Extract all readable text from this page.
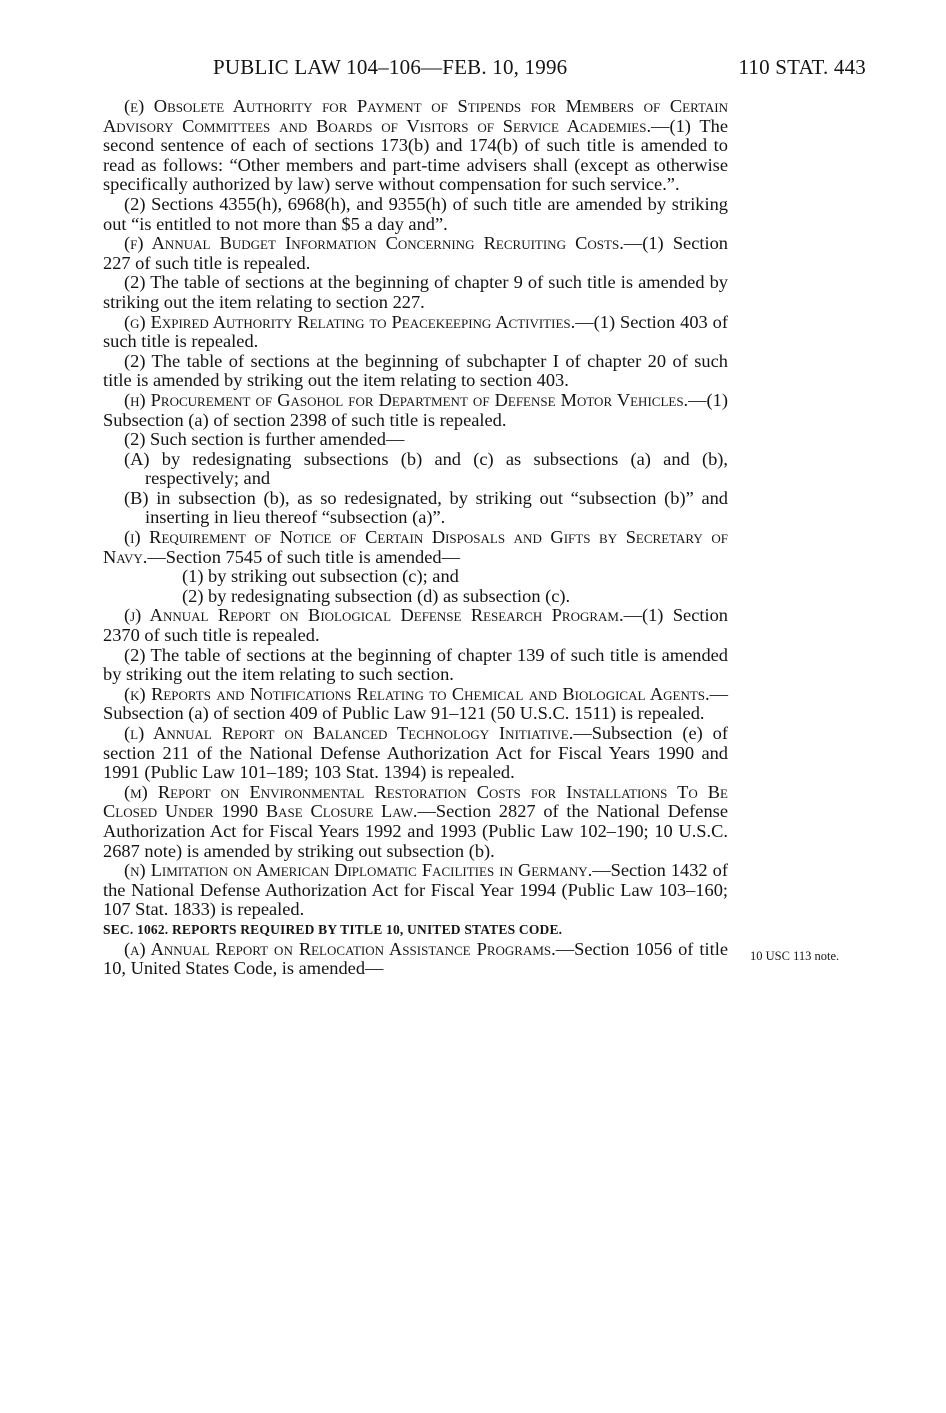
PUBLIC LAW 104–106—FEB. 10, 1996	110 STAT. 443

(e) Obsolete Authority for Payment of Stipends for Members of Certain Advisory Committees and Boards of Visitors of Service Academies.—(1) The second sentence of each of sections 173(b) and 174(b) of such title is amended to read as follows: “Other members and part-time advisers shall (except as otherwise specifically authorized by law) serve without compensation for such service.”.

(2) Sections 4355(h), 6968(h), and 9355(h) of such title are amended by striking out “is entitled to not more than $5 a day and”.

(f) Annual Budget Information Concerning Recruiting Costs.—(1) Section 227 of such title is repealed.

(2) The table of sections at the beginning of chapter 9 of such title is amended by striking out the item relating to section 227.

(g) Expired Authority Relating to Peacekeeping Activities.—(1) Section 403 of such title is repealed.

(2) The table of sections at the beginning of subchapter I of chapter 20 of such title is amended by striking out the item relating to section 403.

(h) Procurement of Gasohol for Department of Defense Motor Vehicles.—(1) Subsection (a) of section 2398 of such title is repealed.

(2) Such section is further amended—

(A) by redesignating subsections (b) and (c) as subsections (a) and (b), respectively; and

(B) in subsection (b), as so redesignated, by striking out “subsection (b)” and inserting in lieu thereof “subsection (a)”.

(i) Requirement of Notice of Certain Disposals and Gifts by Secretary of Navy.—Section 7545 of such title is amended—

(1) by striking out subsection (c); and

(2) by redesignating subsection (d) as subsection (c).

(j) Annual Report on Biological Defense Research Program.—(1) Section 2370 of such title is repealed.

(2) The table of sections at the beginning of chapter 139 of such title is amended by striking out the item relating to such section.

(k) Reports and Notifications Relating to Chemical and Biological Agents.—Subsection (a) of section 409 of Public Law 91–121 (50 U.S.C. 1511) is repealed.

(l) Annual Report on Balanced Technology Initiative.—Subsection (e) of section 211 of the National Defense Authorization Act for Fiscal Years 1990 and 1991 (Public Law 101–189; 103 Stat. 1394) is repealed.

(m) Report on Environmental Restoration Costs for Installations To Be Closed Under 1990 Base Closure Law.—Section 2827 of the National Defense Authorization Act for Fiscal Years 1992 and 1993 (Public Law 102–190; 10 U.S.C. 2687 note) is amended by striking out subsection (b).

(n) Limitation on American Diplomatic Facilities in Germany.—Section 1432 of the National Defense Authorization Act for Fiscal Year 1994 (Public Law 103–160; 107 Stat. 1833) is repealed.

SEC. 1062. REPORTS REQUIRED BY TITLE 10, UNITED STATES CODE.

(a) Annual Report on Relocation Assistance Programs.—Section 1056 of title 10, United States Code, is amended—

10 USC 113 note.
